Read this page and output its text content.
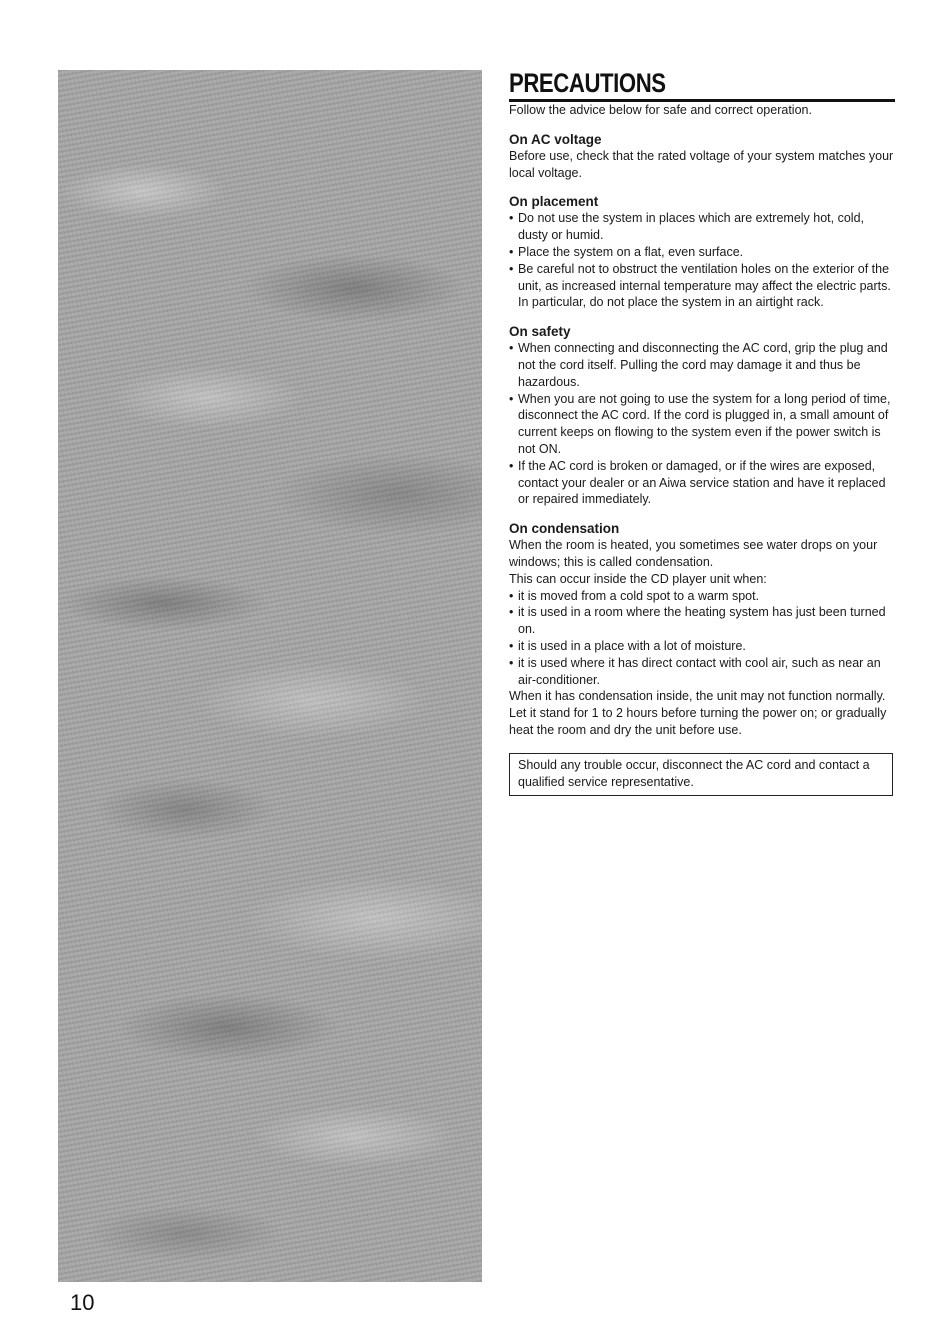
PRECAUTIONS

Follow the advice below for safe and correct operation.

On AC voltage

Before use, check that the rated voltage of your system matches your local voltage.

On placement

• Do not use the system in places which are extremely hot, cold, dusty or humid.
• Place the system on a flat, even surface.
• Be careful not to obstruct the ventilation holes on the exterior of the unit, as increased internal temperature may affect the electric parts. In particular, do not place the system in an airtight rack.

On safety

• When connecting and disconnecting the AC cord, grip the plug and not the cord itself. Pulling the cord may damage it and thus be hazardous.
• When you are not going to use the system for a long period of time, disconnect the AC cord. If the cord is plugged in, a small amount of current keeps on flowing to the system even if the power switch is not ON.
• If the AC cord is broken or damaged, or if the wires are exposed, contact your dealer or an Aiwa service station and have it replaced or repaired immediately.

On condensation

When the room is heated, you sometimes see water drops on your windows; this is called condensation.

This can occur inside the CD player unit when:

• it is moved from a cold spot to a warm spot.
• it is used in a room where the heating system has just been turned on.
• it is used in a place with a lot of moisture.
• it is used where it has direct contact with cool air, such as near an air-conditioner.

When it has condensation inside, the unit may not function normally. Let it stand for 1 to 2 hours before turning the power on; or gradually heat the room and dry the unit before use.

Should any trouble occur, disconnect the AC cord and contact a qualified service representative.
10
